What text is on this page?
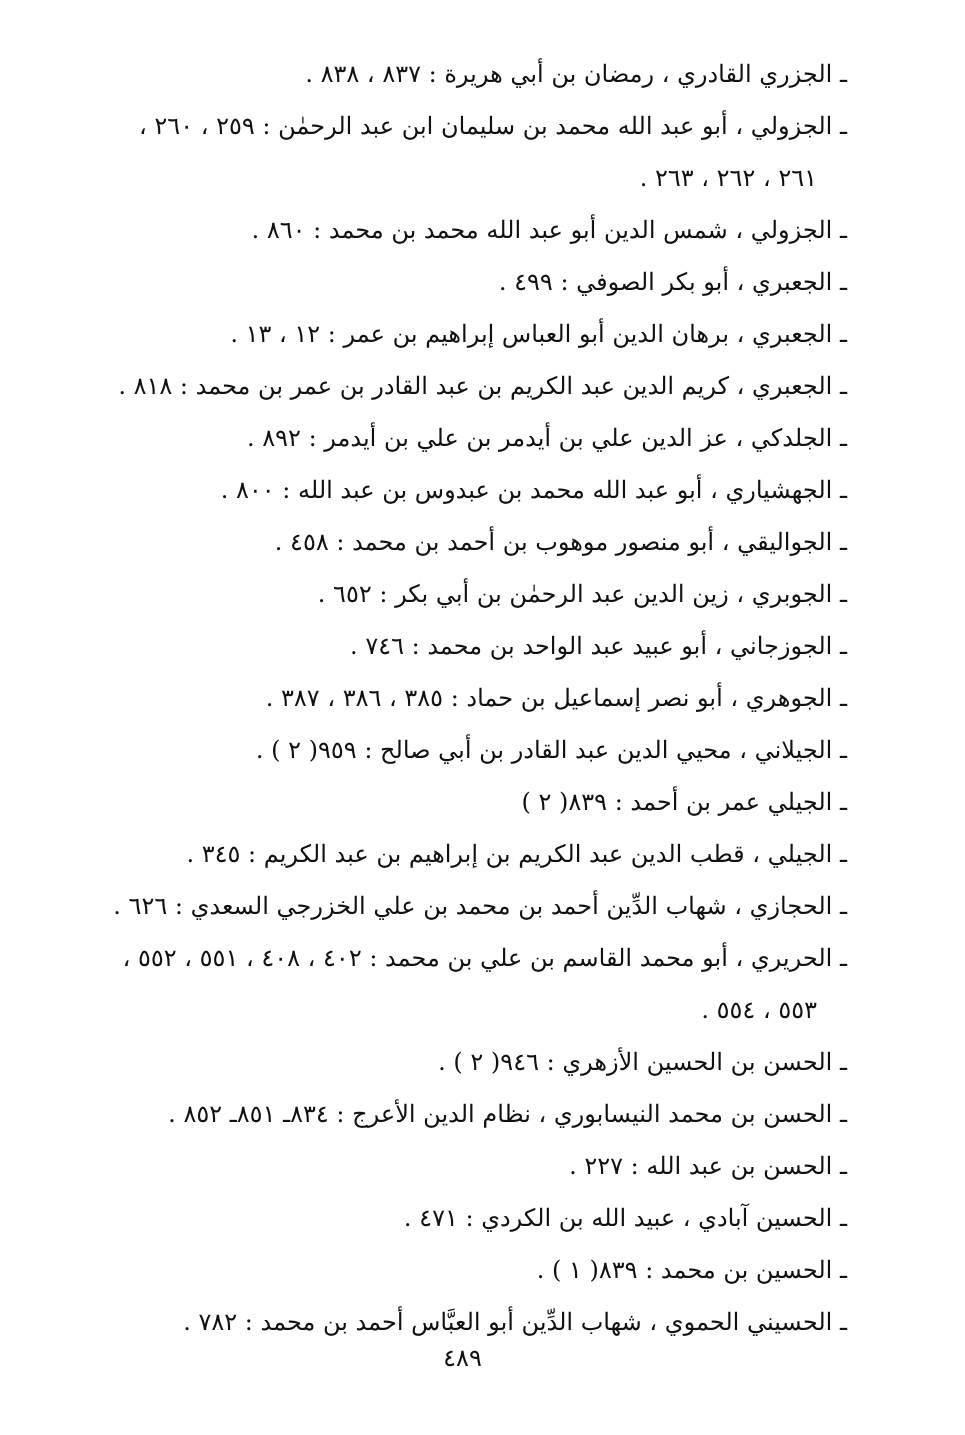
ـ الجزري القادري ، رمضان بن أبي هريرة : ٨٣٧ ، ٨٣٨ .
ـ الجزولي ، أبو عبد الله محمد بن سليمان ابن عبد الرحمٰن : ٢٥٩ ، ٢٦٠ ،
٢٦١ ، ٢٦٢ ، ٢٦٣ .
ـ الجزولي ، شمس الدين أبو عبد الله محمد بن محمد : ٨٦٠ .
ـ الجعبري ، أبو بكر الصوفي : ٤٩٩ .
ـ الجعبري ، برهان الدين أبو العباس إبراهيم بن عمر : ١٢ ، ١٣ .
ـ الجعبري ، كريم الدين عبد الكريم بن عبد القادر بن عمر بن محمد : ٨١٨ .
ـ الجلدكي ، عز الدين علي بن أيدمر بن علي بن أيدمر : ٨٩٢ .
ـ الجهشياري ، أبو عبد الله محمد بن عبدوس بن عبد الله : ٨٠٠ .
ـ الجواليقي ، أبو منصور موهوب بن أحمد بن محمد : ٤٥٨ .
ـ الجوبري ، زين الدين عبد الرحمٰن بن أبي بكر : ٦٥٢ .
ـ الجوزجاني ، أبو عبيد عبد الواحد بن محمد : ٧٤٦ .
ـ الجوهري ، أبو نصر إسماعيل بن حماد : ٣٨٥ ، ٣٨٦ ، ٣٨٧ .
ـ الجيلاني ، محيي الدين عبد القادر بن أبي صالح : ٩٥٩( ٢ ) .
ـ الجيلي عمر بن أحمد : ٨٣٩( ٢ )
ـ الجيلي ، قطب الدين عبد الكريم بن إبراهيم بن عبد الكريم : ٣٤٥ .
ـ الحجازي ، شهاب الدِّين أحمد بن محمد بن علي الخزرجي السعدي : ٦٢٦ .
ـ الحريري ، أبو محمد القاسم بن علي بن محمد : ٤٠٢ ، ٤٠٨ ، ٥٥١ ، ٥٥٢ ،
٥٥٣ ، ٥٥٤ .
ـ الحسن بن الحسين الأزهري : ٩٤٦( ٢ ) .
ـ الحسن بن محمد النيسابوري ، نظام الدين الأعرج : ٨٣٤ـ ٨٥١ـ ٨٥٢ .
ـ الحسن بن عبد الله : ٢٢٧ .
ـ الحسين آبادي ، عبيد الله بن الكردي : ٤٧١ .
ـ الحسين بن محمد : ٨٣٩( ١ ) .
ـ الحسيني الحموي ، شهاب الدِّين أبو العبَّاس أحمد بن محمد : ٧٨٢ .
٤٨٩
